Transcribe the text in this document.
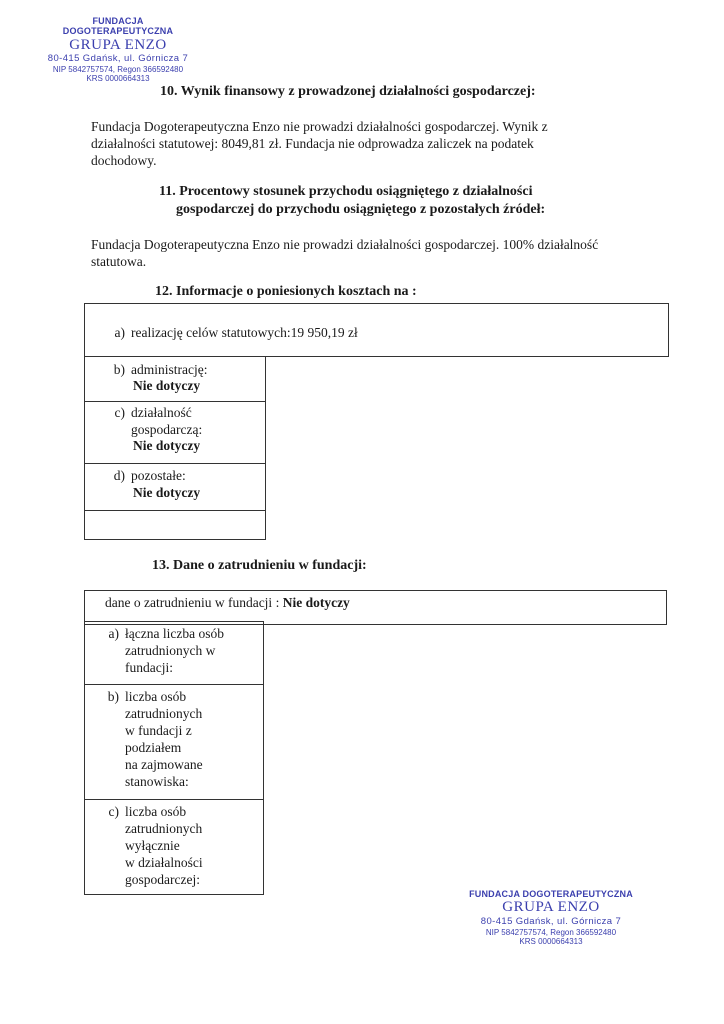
FUNDACJA DOGOTERAPEUTYCZNA
GRUPA ENZO
80-415 Gdańsk, ul. Górnicza 7
NIP 5842757574, Regon 366592480
KRS 0000664313

10. Wynik finansowy z prowadzonej działalności gospodarczej:

Fundacja Dogoterapeutyczna Enzo nie prowadzi działalności gospodarczej. Wynik z

działalności statutowej: 8049,81 zł. Fundacja nie odprowadza zaliczek na podatek

dochodowy.

11. Procentowy stosunek przychodu osiągniętego z działalności

gospodarczej do przychodu osiągniętego z pozostałych źródeł:

Fundacja Dogoterapeutyczna Enzo nie prowadzi działalności gospodarczej. 100% działalność

statutowa.

12. Informacje o poniesionych kosztach na :

a) realizację celów statutowych:19 950,19 zł
b) administrację:
Nie dotyczy
c) działalność
gospodarczą:
Nie dotyczy
d) pozostałe:
Nie dotyczy

13. Dane o zatrudnieniu w fundacji:

dane o zatrudnieniu w fundacji : Nie dotyczy
a) łączna liczba osób
zatrudnionych w
fundacji:
b) liczba osób
zatrudnionych
w fundacji z
podziałem
na zajmowane
stanowiska:
c) liczba osób
zatrudnionych
wyłącznie
w działalności
gospodarczej:
FUNDACJA DOGOTERAPEUTYCZNA
GRUPA ENZO
80-415 Gdańsk, ul. Górnicza 7
NIP 5842757574, Regon 366592480
KRS 0000664313
